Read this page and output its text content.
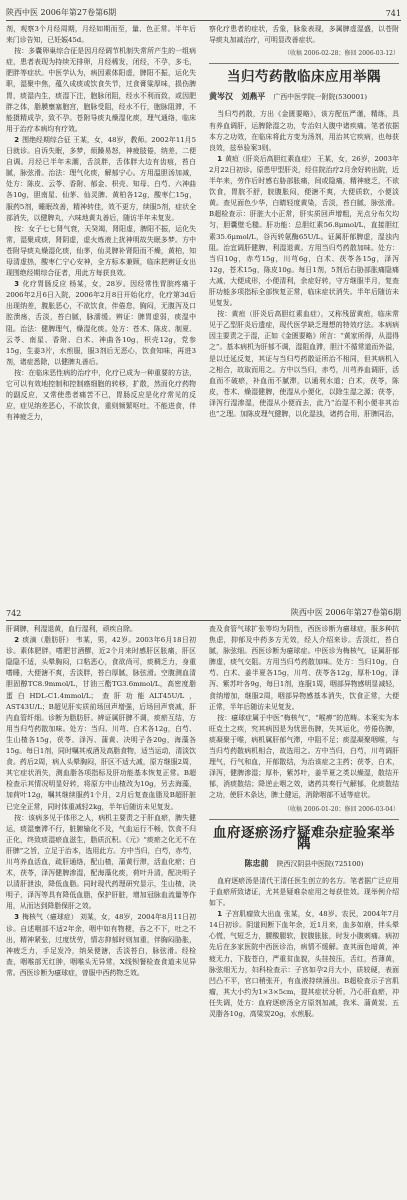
陕西中医 2006年第27卷第6期	741

剂，观察3个月经周期，月经如期而至，量、色正常。半年后来门诊告知，已妊娠45d。

按：多囊卵巢综合征是因月经调节机制失常所产生的一组病症，患者表现为持续无排卵，月经稀发，闭经，不孕，多毛，肥胖等症状。中医学认为，病因素体阳虚，脾阳不振，运化失职，湿聚中焦，蕴久成痰或饮食失节，过食膏粱厚味，损伤脾胃，痰湿内生，痰湿下注，胞脉闭阻，经水不利而致，或因肥胖之体，脂膜壅塞胞宫，胞脉受阻，经水不行，胞脉阻滞，不能摄精成孕，致不孕。苍附导痰丸燥湿化痰，理气通络，临床用于治疗本病均有疗效。

2 围绝经期综合征 王某，女，48岁，教师。2002年11月5日就诊。自诉失眠，多梦，烦躁易怒，神疲肢倦，纳差，二便自调。月经已半年未潮，舌淡胖，舌体胖大边有齿痕，苔白腻，脉弦滑。治法：理气化痰，解郁宁心。方用温胆汤加减，处方：陈皮、云苓、香附、郁金、枳壳、知母、白芍、六神曲各10g，胆南星、仙茅、仙灵脾、黄柏各12g，酸枣仁15g，服药5剂，睡眠改善，精神转佳，效不更方，续服5剂，症状全部消失，以健脾丸，六味地黄丸善后，随访半年未复发。

按：女子七七肾气衰，天癸竭，肾阳虚，脾阳不振，运化失常，湿聚成痰，肾阴虚，虚火炼液上扰神明故失眠多梦。方中苍附导痰丸燥湿化痰，仙茅，仙灵脾补肾阳而不燥，黄柏，知母清虚热，酸枣仁宁心安神，全方标本兼顾，临床把辨证女出现围绝经期综合征者，用此方每获良效。

3 化疗胃肠反应 杨某，女，28岁。因经常性胃脘疼痛于2006年2月6日入院，2006年2月8日开始化疗，化疗第3d后出现纳差，腹胀恶心，不欲饮食，伴倦怠，胸闷，无腹泻及口腔溃疡，舌淡，苔白腻，脉濡缓。辨证：脾胃虚弱，痰湿中阻。治法：健脾理气，燥湿化痰。处方：苍术、陈皮、制夏、云苓、南星、香附、白术、神曲各10g，枳壳12g，党参15g，生姜3片，水煎服，服3剂后无恶心，饮食知味，再进3剂，诸症悉除，以健脾丸善后。

按：在临床恶性病的治疗中，化疗已成为一种重要的方法，它可以有效地控制和控制癌细胞的转移，扩散，然而化疗药物的副反应，又常使患者痛苦不已，胃肠反应是化疗常见的反应，症见纳差恶心，不欲饮食，重则频繁呕吐，不能进食，伴有神疲乏力，

察化疗患者的症状，舌象，脉象表现，多属脾虚湿盛，以苍附导痰丸加减治疗，可明显改善症状。

（收稿 2006-02-28；修回 2006-03-12）
当归芍药散临床应用举隅
黄岑汉 刘燕平 广西中医学院一附院(530001)

当归芍药散，方出《金匮要略》，该方配伍严谨，精练，具有养血调肝，运脾除湿之功，专治妇人腹中诸疾痛。笔者依据本方之功效，在临床将此方变为汤剂，用治其它疾病，也每获良效，兹举验案3则。

1 黄疸（肝炎后高胆红素血症） 王某，女，26岁，2003年2月22日初诊。原患甲型肝炎，经住院治疗2月余好转出院，近半年来，劳作后时感右胁部胀痛，间或隐痛，精神疲乏，不欲饮食，胃脘不舒，脘腹胀闷，便溏不爽，大便质软，小便淡黄。查见面色少华，白睛轻度黄染，舌淡，苔白腻，脉弦滑。B超检查示：肝脏大小正常，肝实质回声增粗，光点分布欠均匀，胆囊壁毛糙。肝功能：总胆红素56.8μmol/L，直接胆红素35.6μmol/L，谷丙转氨酶65U/L。证属肝郁脾虚，湿浊内阻。治宜调肝健脾，利湿退黄。方用当归芍药散加味。处方：当归10g，赤芍15g，川芎6g，白术、茯苓各15g，泽泻12g，苍术15g，陈皮10g。每日1剂，5剂后右胁部胀痛隐痛大减，大便成形，小便清利，余症好转，守方继服半月，复查肝功能多项指标全部恢复正常，临床症状消失。半年后随访未见复发。

按：黄疸（肝炎后高胆红素血症），又称残留黄疸，临床常见于乙型肝炎后遗症，现代医学缺乏理想的特效疗法。本病病因主要责之于湿，正如《金匮要略》所言：“黄家所得，从湿得之”。基本病机为肝郁不调，湿阻血滞，胆汁不循常道而外溢，是以迁延反复，其证与当归芍药散证所治不相同，但其病机入之相合，故取而用之。方中以当归，赤芍，川芎养血调肝，活血而不破瘀，补血而不腻滞，以通利水道；白术，茯苓，陈皮，苍术、燥湿健脾，使湿从小便化，以除生湿之源；茯苓，泽泻行湿渗湿，使湿从小便而去，此乃“治湿不利小便非其治也”之理。加陈皮理气健脾，以化湿浊，诸药合用，肝脾同治，

742	陕西中医 2006年第27卷第6期

肝调脾，利湿退黄，血行湿利，顽疾自除。

2 痰滴（脂肪肝） 韦某，男，42岁。2003年6月18日初诊。素体肥胖，嗜肥甘酒醪，近2个月来时感肝区胀痛，肝区隐隐不适，头晕胸闷，口粘恶心，食欲尚可，痰稠乏力，身重嗜睡，大便溏不爽，舌淡胖，苔白厚腻，脉弦滑。空腹测血清胆固醇TC8.9mmol/L，甘油三酯TG3.6mmol/L，高密度脂蛋白HDL-C1.4mmol/L；查肝功能ALT45U/L，AST43U/L；B超见肝实质前场回声增强，后场回声衰减，肝内血管纤细。诊断为脂肪肝。辨证属肝脾不调，痰瘀互结，方用当归芍药散加味。处方：当归、川芎、白术各12g，白芍、生山楂各15g，茯苓、泽泻、蒲黄、决明子各20g，海藻各15g。每日1剂，同时嘱其戒酒及高脂食物，适当运动，清淡饮食。药后2周，病人头晕胸闷，肝区不适大减，原方继服2周，其它症状消失，测血脂各项指标及肝功能基本恢复正常。B超检查示其情况明显好转，将原方中山楂改为10g，另去海藻，加荷叶12g，嘱其继续服药1个月，2月后复查血脂及B超肝脏已完全正常，同时体重减轻2kg，半年后随访未见复发。

按：该病多见于体形之人，病机主要责之于肝血瘀，脾失健运，痰湿壅滞不行，脏腑输化不及，气血运行不畅，饮食不归正化，终致痰湿瘀血滋生，脂质沉积。《元》“痰瘀之化无不在肝脾”之旨，立足于治本，选用此方。方中当归，白芍，赤芍，川芎养血活血，疏肝通络，配山楂，蒲黄行滞，活血化瘀；白术，茯苓，泽泻健脾渗湿，配海藻化痰，荷叶升清，配决明子以清肝泄浊，降低血脂。同时现代药理研究显示，生山楂，决明子，泽泻等具有降低血脂，保护肝脏，增加冠脉血流量等作用，从而达到降脂保肝之效。

3 梅核气（癔球症） 刘某，女，48岁，2004年8月11日初诊。自述咽部不适2年余，咽中如有物梗，吞之不下，吐之不出，精神紧张，过度忧劳，情志抑郁时则加重，伴胸闷胁胀，神疲乏力，手足发冷，纳呆便溏，舌淡苔白，脉弦滑。经检查，咽喉部无红肿，咽喉头无异常，X线钡餐检查食道未见异常。西医诊断为癔球症，曾服中西药物乏效。

查及食管气球扩张等均为阴性，西医诊断为癔球症，服多种抗焦虑，抑郁及中药多方无效，经人介绍来诊。舌淡红，苔白腻，脉弦细。西医诊断为癔球症。中医诊为梅核气，证属肝郁脾虚，痰气交阻。方用当归芍药散加味。处方：当归10g，白芍、白术、姜半夏各15g，川芎、茯苓各12g，厚朴10g，泽泻、紫苏叶各9g，每日1剂，连服1周，咽部异物感明显减轻，食纳增加，继服2周，咽部异物感基本消失，饮食正常，大便正常，半年后随访未见复发。

按：癔球症属于中医“梅核气”，“喉痹”的范畴。本案实为本旺克土之疾，究其病因是为忧思伤脾，失其运化，劳倦伤脾，痰凝聚于喉，病机属肝郁气滞，中阻不足；痰湿凝聚咽喉，与当归芍药散病机相合，故选用之。方中当归，白芍，川芎调肝理气，行气和血，开郁散结，为治该症之主药；茯苓，白术，泽泻，健脾渗湿；厚朴，紫苏叶，姜半夏之类以燥湿，散结开郁，消痰散结；降逆止咽之效，诸药共奏行气解郁，化痰散结之功，使肝木条达，脾土健运，消除咽部不适等症状。

（收稿 2006-01-20；修回 2006-03-04）
血府逐瘀汤疗疑难杂症验案举隅
陈忠前 陕西汉阴县中医院(725100)

血府逐瘀汤是清代王清任医生创立的名方。笔者据广泛应用于血瘀所致诸证，尤其是疑难杂症用之每获佳效。现举例介绍如下。

1 子宫肌瘤致大出血 张某，女，48岁。农民，2004年7月14日初诊。阴道间断下血年余，近1月来，血多如崩，伴头晕心慌，气短乏力，腰酸腿软，脘腹胀胀，时发小腹刺痛。病初先后在多家医院中西医诊治，病情不缓解。查其面色暗黄，神疲无力，下肢苍白，严重贫血貌，头挂按压，舌红，苔薄黄，脉弦细无力，妇科检查示：子宫如孕2月大小，质较硬，表面凹凸不平，官口稍张开，有血液持续涌出。B超检查示子宫肌瘤，其大小约为1×3×5cm，提其症状分析，乃心肝血瘀，冲任失调，处方：血府逐瘀汤全方原剂加减，我米、蒲黄炭、五灵脂各10g，高梁炭20g，水煎服。
